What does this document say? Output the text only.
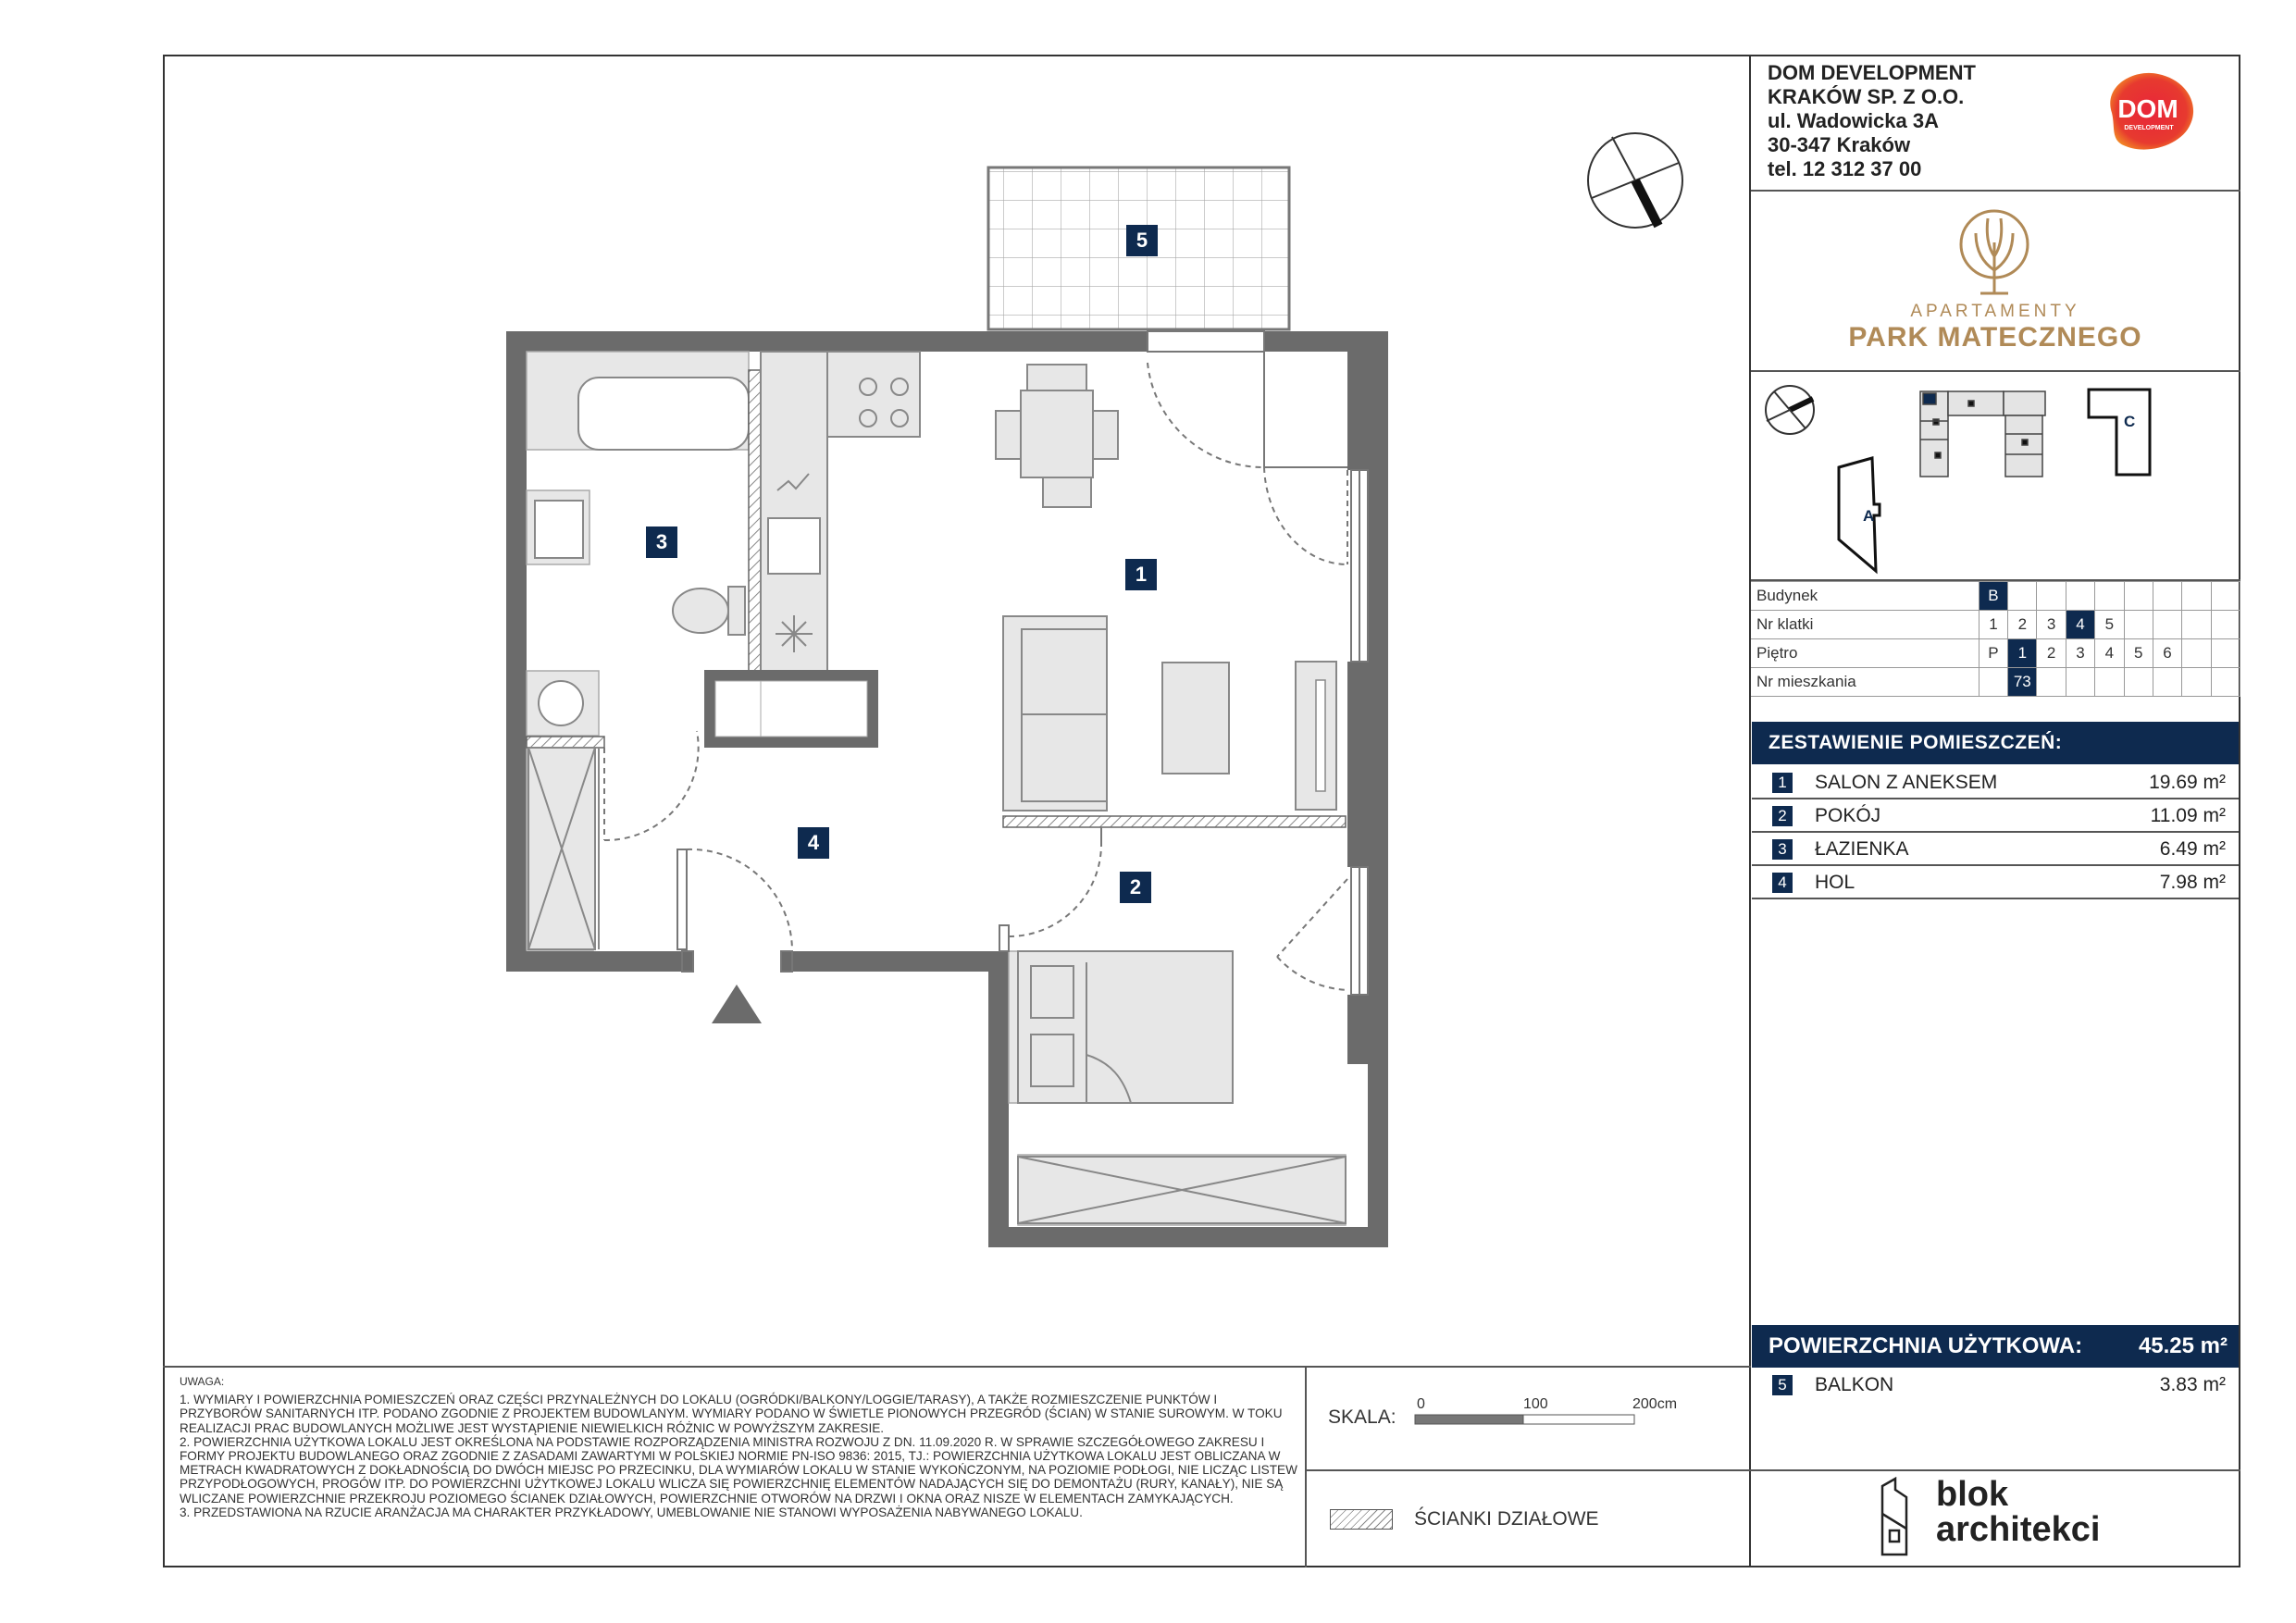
DOM DEVELOPMENT
KRAKÓW SP. Z O.O.
ul. Wadowicka 3A
30-347 Kraków
tel. 12 312 37 00
DOM
DEVELOPMENT
APARTAMENTY
PARK MATECZNEGO
A
C
Budynek	B								
Nr klatki	1	2	3	4	5				
Piętro	P	1	2	3	4	5	6		
Nr mieszkania		73							
ZESTAWIENIE POMIESZCZEŃ:
1 SALON Z ANEKSEM	19.69 m²
2 POKÓJ	11.09 m²
3 ŁAZIENKA	6.49 m²
4 HOL	7.98 m²
POWIERZCHNIA UŻYTKOWA:	45.25 m²
5 BALKON	3.83 m²

UWAGA:

1. WYMIARY I POWIERZCHNIA POMIESZCZEŃ ORAZ CZĘŚCI PRZYNALEŻNYCH DO LOKALU (OGRÓDKI/BALKONY/LOGGIE/TARASY), A TAKŻE ROZMIESZCZENIE PUNKTÓW I PRZYBORÓW SANITARNYCH ITP. PODANO ZGODNIE Z PROJEKTEM BUDOWLANYM. WYMIARY PODANO W ŚWIETLE PIONOWYCH PRZEGRÓD (ŚCIAN) W STANIE SUROWYM. W TOKU REALIZACJI PRAC BUDOWLANYCH MOŻLIWE JEST WYSTĄPIENIE NIEWIELKICH RÓŻNIC W POWYŻSZYM ZAKRESIE.

2. POWIERZCHNIA UŻYTKOWA LOKALU JEST OKREŚLONA NA PODSTAWIE ROZPORZĄDZENIA MINISTRA ROZWOJU Z DN. 11.09.2020 R. W SPRAWIE SZCZEGÓŁOWEGO ZAKRESU I FORMY PROJEKTU BUDOWLANEGO ORAZ ZGODNIE Z ZASADAMI ZAWARTYMI W POLSKIEJ NORMIE PN-ISO 9836: 2015, TJ.: POWIERZCHNIA UŻYTKOWA LOKALU JEST OBLICZANA W METRACH KWADRATOWYCH Z DOKŁADNOŚCIĄ DO DWÓCH MIEJSC PO PRZECINKU, DLA WYMIARÓW LOKALU W STANIE WYKOŃCZONYM, NA POZIOMIE PODŁOGI, NIE LICZĄC LISTEW PRZYPODŁOGOWYCH, PROGÓW ITP. DO POWIERZCHNI UŻYTKOWEJ LOKALU WLICZA SIĘ POWIERZCHNIĘ ELEMENTÓW NADAJĄCYCH SIĘ DO DEMONTAŻU (RURY, KANAŁY), NIE SĄ WLICZANE POWIERZCHNIE PRZEKROJU POZIOMEGO ŚCIANEK DZIAŁOWYCH, POWIERZCHNIE OTWORÓW NA DRZWI I OKNA ORAZ NISZE W ELEMENTACH ZAMYKAJĄCYCH.

3. PRZEDSTAWIONA NA RZUCIE ARANŻACJA MA CHARAKTER PRZYKŁADOWY, UMEBLOWANIE NIE STANOWI WYPOSAŻENIA NABYWANEGO LOKALU.

SKALA:
0	100	200cm
ŚCIANKI DZIAŁOWE
blok
architekci
1
2
3
4
5
